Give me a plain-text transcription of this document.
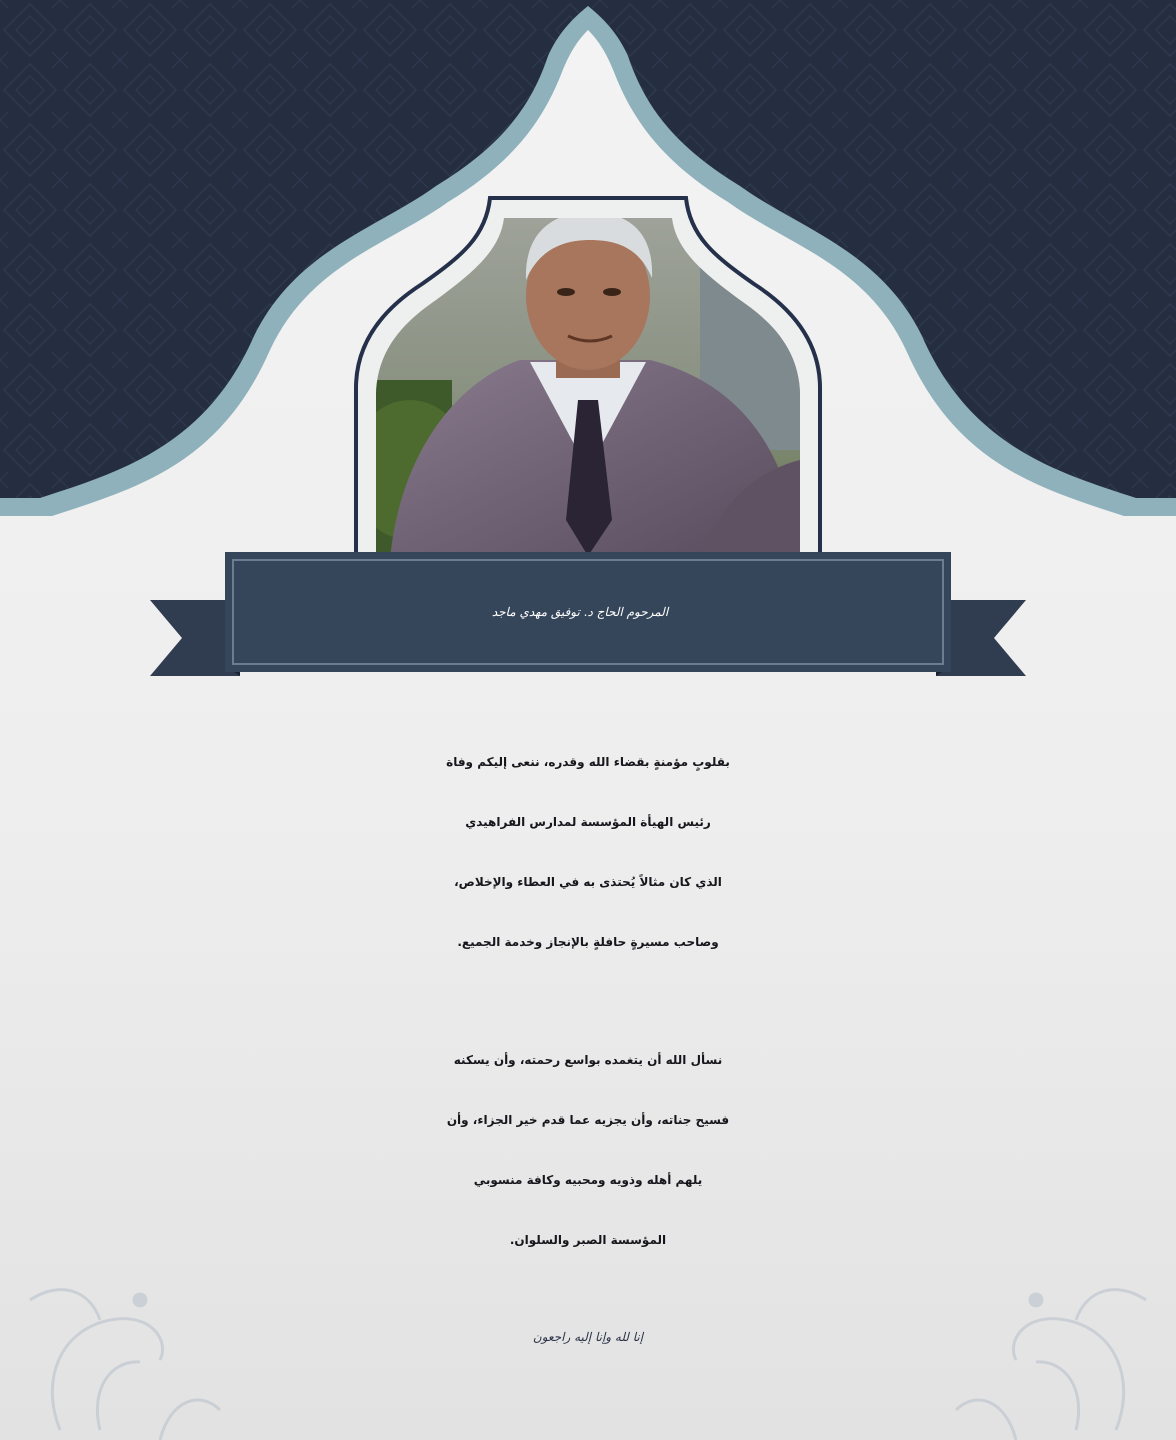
المرحوم الحاج د. توفيق مهدي ماجد

بقلوبٍ مؤمنةٍ بقضاء الله وقدره، ننعى إليكم وفاة
رئيس الهيأة المؤسسة لمدارس الفراهيدي
الذي كان مثالاً يُحتذى به في العطاء والإخلاص،
وصاحب مسيرةٍ حافلةٍ بالإنجاز وخدمة الجميع.

نسأل الله أن يتغمده بواسع رحمته، وأن يسكنه
فسيح جناته، وأن يجزيه عما قدم خير الجزاء، وأن
يلهم أهله وذويه ومحبيه وكافة منسوبي
المؤسسة الصبر والسلوان.

إنا لله وإنا إليه راجعون
